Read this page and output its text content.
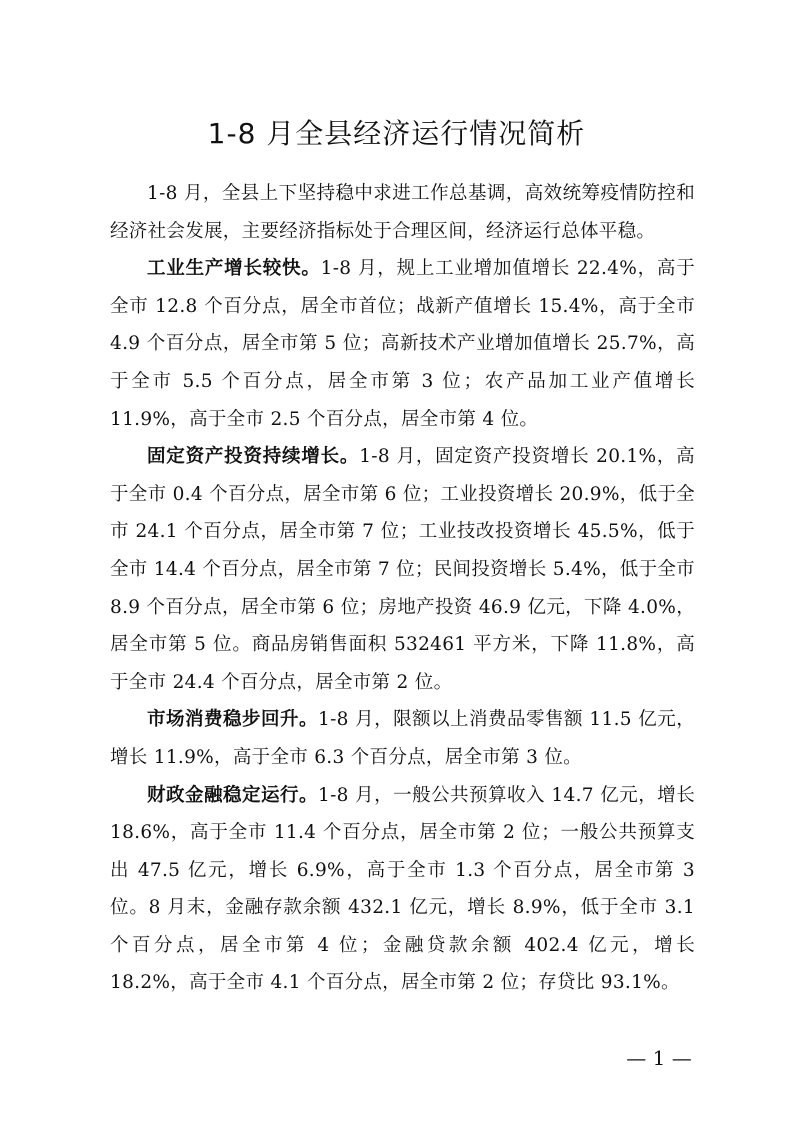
1-8 月全县经济运行情况简析

1-8 月，全县上下坚持稳中求进工作总基调，高效统筹疫情防控和经济社会发展，主要经济指标处于合理区间，经济运行总体平稳。

工业生产增长较快。1-8 月，规上工业增加值增长 22.4%，高于全市 12.8 个百分点，居全市首位；战新产值增长 15.4%，高于全市 4.9 个百分点，居全市第 5 位；高新技术产业增加值增长 25.7%，高于全市 5.5 个百分点，居全市第 3 位；农产品加工业产值增长 11.9%，高于全市 2.5 个百分点，居全市第 4 位。

固定资产投资持续增长。1-8 月，固定资产投资增长 20.1%，高于全市 0.4 个百分点，居全市第 6 位；工业投资增长 20.9%，低于全市 24.1 个百分点，居全市第 7 位；工业技改投资增长 45.5%，低于全市 14.4 个百分点，居全市第 7 位；民间投资增长 5.4%，低于全市 8.9 个百分点，居全市第 6 位；房地产投资 46.9 亿元，下降 4.0%，居全市第 5 位。商品房销售面积 532461 平方米，下降 11.8%，高于全市 24.4 个百分点，居全市第 2 位。

市场消费稳步回升。1-8 月，限额以上消费品零售额 11.5 亿元，增长 11.9%，高于全市 6.3 个百分点，居全市第 3 位。

财政金融稳定运行。1-8 月，一般公共预算收入 14.7 亿元，增长 18.6%，高于全市 11.4 个百分点，居全市第 2 位；一般公共预算支出 47.5 亿元，增长 6.9%，高于全市 1.3 个百分点，居全市第 3 位。8 月末，金融存款余额 432.1 亿元，增长 8.9%，低于全市 3.1 个百分点，居全市第 4 位；金融贷款余额 402.4 亿元，增长 18.2%，高于全市 4.1 个百分点，居全市第 2 位；存贷比 93.1%。

— 1 —
